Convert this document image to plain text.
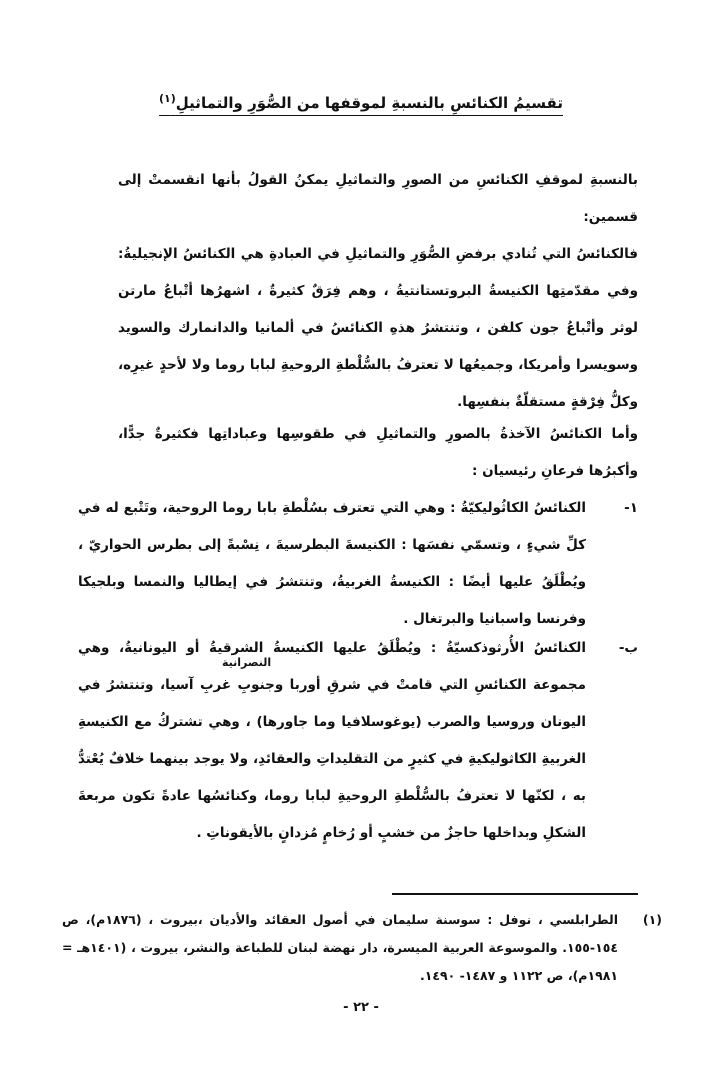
تقسيمُ الكنائسِ بالنسبةِ لموقفها من الصُّوَرِ والتماثيلِ$^{(١)}$
بالنسبةِ لموقفِ الكنائسِ من الصورِ والتماثيلِ يمكنُ القولُ بأنها انقسمتْ إلى قسمين:
فالكنائسُ التي تُنادي برفضِ الصُّوَرِ والتماثيلِ في العبادةِ هي الكنائسُ الإنجيليةُ: وفي مقدّمتِها الكنيسةُ البروتستانتيةُ ، وهم فِرَقٌ كثيرةٌ ، اشهرُها أتْباعُ مارتن لوثر وأتْباعُ جون كلفن ، وتنتشرُ هذهِ الكنائسُ في ألمانيا والدانمارك والسويد وسويسرا وأمريكا، وجميعُها لا تعترفُ بالسُّلْطةِ الروحيةِ لبابا روما ولا لأحدٍ غيرِه، وكلُّ فِرْقةٍ مستقلّةٌ بنفسِها.
وأما الكنائسُ الآخذةُ بالصورِ والتماثيلِ في طقوسِها وعباداتِها فكثيرةٌ جدًّا، وأكبرُها فرعانِ رئيسيان :
١-
الكنائسُ الكاثُوليكيّةُ : وهي التي تعترف بسُلْطةِ بابا روما الروحية، وتَتْبع له في كلِّ شيءٍ ، وتسمّي نفسَها : الكنيسةَ البطرسيةَ ، نِسْبةً إلى بطرس الحواريّ ، ويُطْلَقُ عليها أيضًا : الكنيسةُ الغربيةُ، وتنتشرُ في إيطاليا والنمسا وبلجيكا وفرنسا واسبانيا والبرتغال .
ب-
الكنائسُ الأُرثوذكسيّةُ : ويُطْلَقُ عليها الكنيسةُ الشرقيةُ أو اليونانيةُ، وهي مجموعة الكنائسِ التي قامتْ في شرقِ أوربا وجنوبِ غربِ آسيا، وتنتشرُ في اليونان وروسيا والصرب (يوغوسلافيا وما جاورها) ، وهي تشتركُ مع الكنيسةِ الغربيةِ الكاثوليكيةِ في كثيرٍ من التقليداتِ والعقائدِ، ولا يوجد بينهما خلافٌ يُعْتدُّ به ، لكنّها لا تعترفُ بالسُّلْطةِ الروحيةِ لبابا روما، وكنائسُها عادةً تكون مربعةَ الشكلِ وبداخلها حاجزٌ من خشبٍ أو رُخامٍ مُزدانٍ بالأيقوناتِ .
النصرانية
(١)
الطرابلسي ، نوفل : سوسنة سليمان في أصول العقائد والأديان ،بيروت ، (١٨٧٦م)، ص ١٥٤-١٥٥. والموسوعة العربية الميسرة، دار نهضة لبنان للطباعة والنشر، بيروت ، (١٤٠١هـ = ١٩٨١م)، ص ١١٢٢ و ١٤٨٧- ١٤٩٠.
- ٢٢ -
